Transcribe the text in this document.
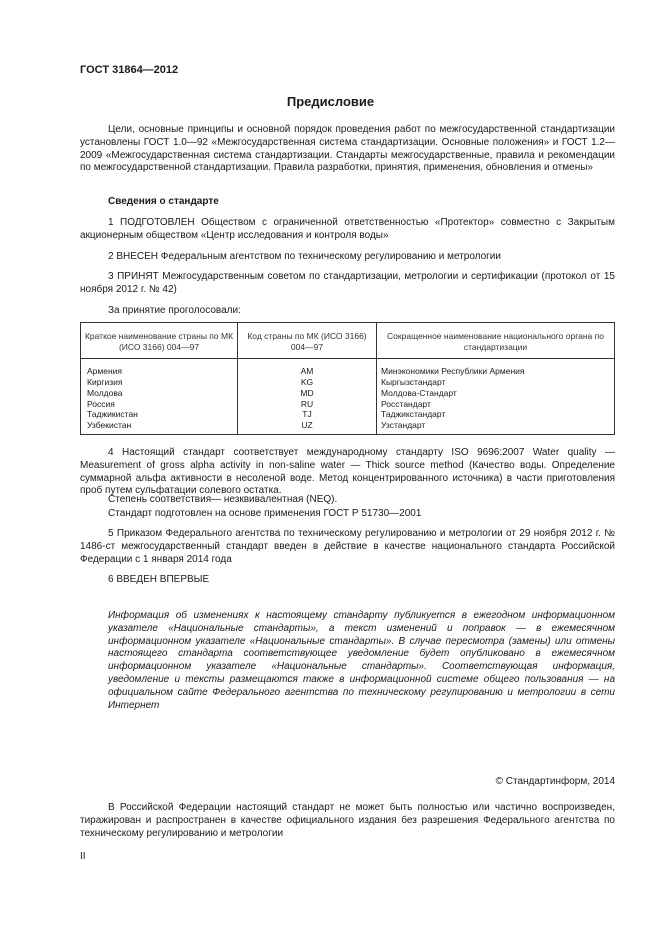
ГОСТ 31864—2012
Предисловие
Цели, основные принципы и основной порядок проведения работ по межгосударственной стандартизации установлены ГОСТ 1.0—92 «Межгосударственная система стандартизации. Основные положения» и ГОСТ 1.2—2009 «Межгосударственная система стандартизации. Стандарты межгосударственные, правила и рекомендации по межгосударственной стандартизации. Правила разработки, принятия, применения, обновления и отмены»
Сведения о стандарте
1 ПОДГОТОВЛЕН Обществом с ограниченной ответственностью «Протектор» совместно с Закрытым акционерным обществом «Центр исследования и контроля воды»
2 ВНЕСЕН Федеральным агентством по техническому регулированию и метрологии
3 ПРИНЯТ Межгосударственным советом по стандартизации, метрологии и сертификации (протокол от 15 ноября 2012 г. № 42)
За принятие проголосовали:
Краткое наименование страны по МК (ИСО 3166) 004—97	Код страны по МК (ИСО 3166) 004—97	Сокращенное наименование национального органа по стандартизации
Армения	AM	Минэкономики Республики Армения
Киргизия	KG	Кыргызстандарт
Молдова	MD	Молдова-Стандарт
Россия	RU	Росстандарт
Таджикистан	TJ	Таджикстандарт
Узбекистан	UZ	Узстандарт
4 Настоящий стандарт соответствует международному стандарту ISO 9696:2007 Water quality — Measurement of gross alpha activity in non-saline water — Thick source method (Качество воды. Определение суммарной альфа активности в несоленой воде. Метод концентрированного источника) в части приготовления проб путем сульфатации солевого остатка.
Степень соответствия— незквивалентная (NEQ).
Стандарт подготовлен на основе применения ГОСТ Р 51730—2001
5 Приказом Федерального агентства по техническому регулированию и метрологии от 29 ноября 2012 г. № 1486-ст межгосударственный стандарт введен в действие в качестве национального стандарта Российской Федерации с 1 января 2014 года
6 ВВЕДЕН ВПЕРВЫЕ
Информация об изменениях к настоящему стандарту публикуется в ежегодном информационном указателе «Национальные стандарты», а текст изменений и поправок — в ежемесячном информационном указателе «Национальные стандарты». В случае пересмотра (замены) или отмены настоящего стандарта соответствующее уведомление будет опубликовано в ежемесячном информационном указателе «Национальные стандарты». Соответствующая информация, уведомление и тексты размещаются также в информационной системе общего пользования — на официальном сайте Федерального агентства по техническому регулированию и метрологии в сети Интернет
© Стандартинформ, 2014
В Российской Федерации настоящий стандарт не может быть полностью или частично воспроизведен, тиражирован и распространен в качестве официального издания без разрешения Федерального агентства по техническому регулированию и метрологии
II
